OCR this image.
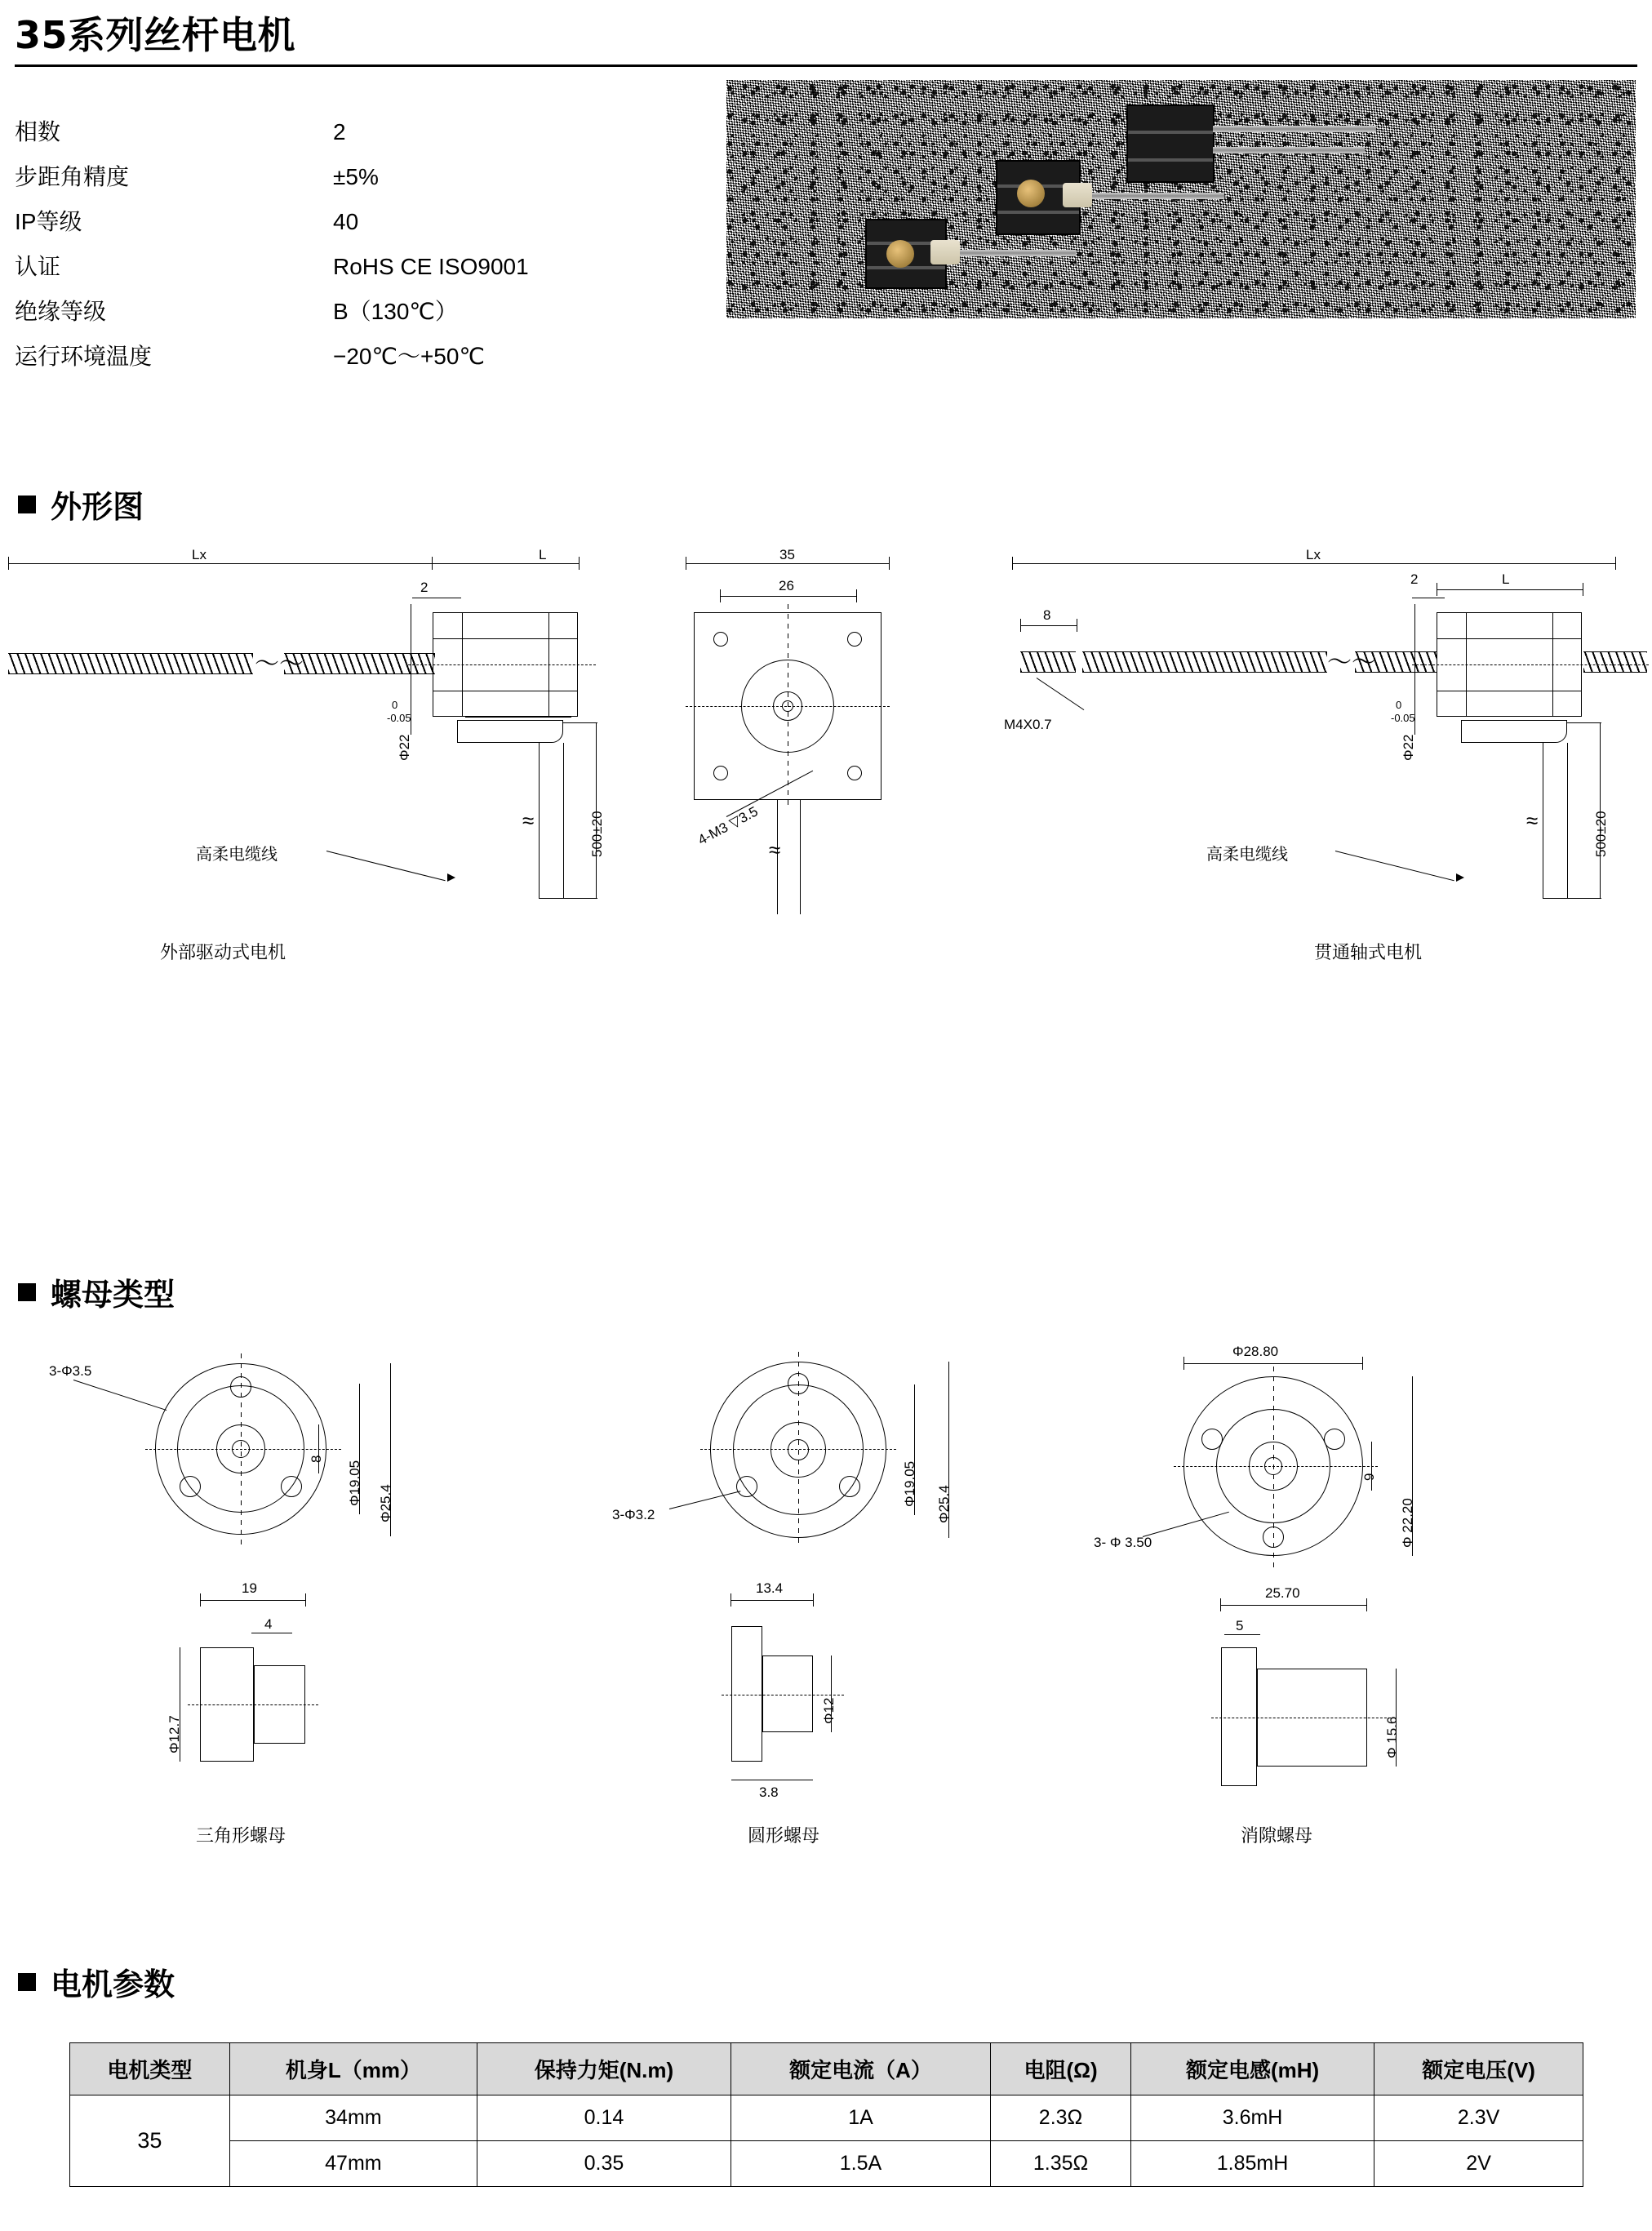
35系列丝杆电机
相数	2
步距角精度	±5%
IP等级	40
认证	RoHS CE ISO9001
绝缘等级	B（130℃）
运行环境温度	−20℃～+50℃
外形图
Lx	L
2
〜〜
Φ22
0
-0.05
≈
高柔电缆线	500±20
外部驱动式电机
35
26
4-M3 ▽3.5
≈
Lx
L
2
8
M4X0.7
〜〜
Φ22
0
-0.05
≈
高柔电缆线	500±20
贯通轴式电机
螺母类型
3-Φ3.5
Φ19.05 Φ25.4
8
19
4
Φ12.7
三角形螺母
3-Φ3.2
Φ19.05 Φ25.4
13.4
Φ12
3.8
圆形螺母
Φ28.80
3- Φ 3.50	Φ 22.20
9
25.70
5
Φ 15.6
消隙螺母
电机参数
电机类型	机身L（mm）	保持力矩(N.m)	额定电流（A）	电阻(Ω)	额定电感(mH)	额定电压(V)
35	34mm	0.14	1A	2.3Ω	3.6mH	2.3V
	47mm	0.35	1.5A	1.35Ω	1.85mH	2V
